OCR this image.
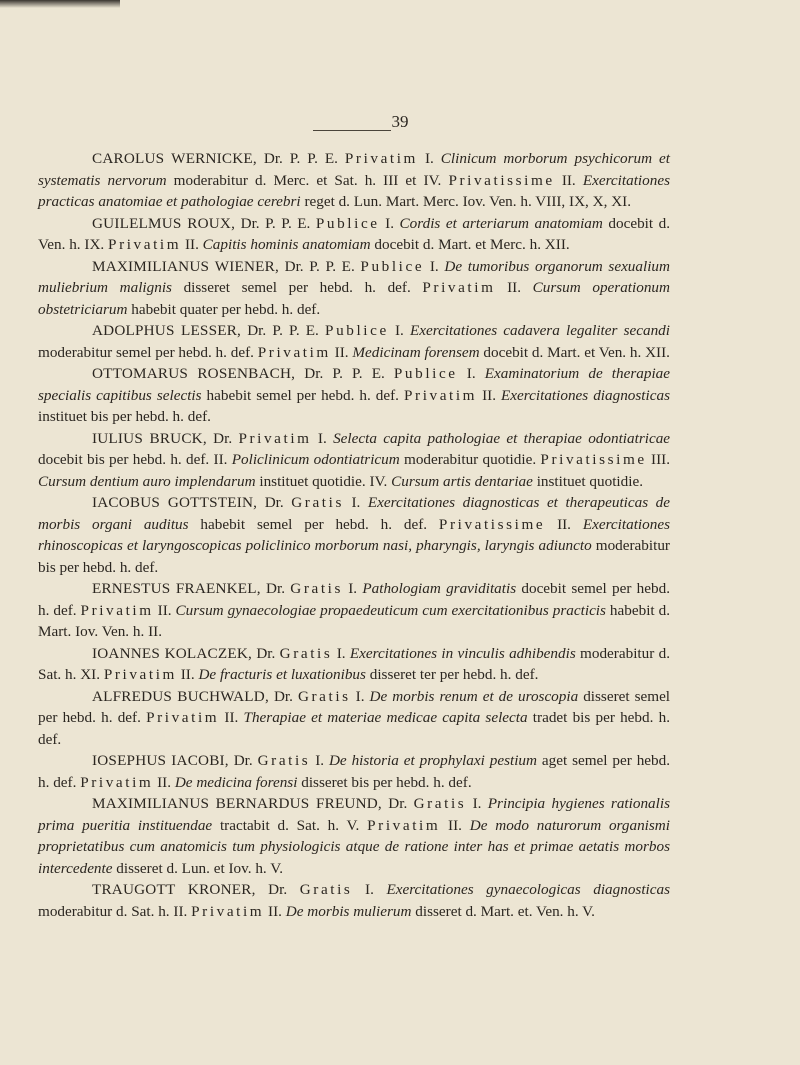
39

CAROLUS WERNICKE, Dr. P. P. E. Privatim I. Clinicum morborum psychicorum et systematis nervorum moderabitur d. Merc. et Sat. h. III et IV. Privatissime II. Exercitationes practicas anatomiae et pathologiae cerebri reget d. Lun. Mart. Merc. Iov. Ven. h. VIII, IX, X, XI.

GUILELMUS ROUX, Dr. P. P. E. Publice I. Cordis et arteriarum anatomiam docebit d. Ven. h. IX. Privatim II. Capitis hominis anatomiam docebit d. Mart. et Merc. h. XII.

MAXIMILIANUS WIENER, Dr. P. P. E. Publice I. De tumoribus organorum sexualium muliebrium malignis disseret semel per hebd. h. def. Privatim II. Cursum operationum obstetriciarum habebit quater per hebd. h. def.

ADOLPHUS LESSER, Dr. P. P. E. Publice I. Exercitationes cadavera legaliter secandi moderabitur semel per hebd. h. def. Privatim II. Medicinam forensem docebit d. Mart. et Ven. h. XII.

OTTOMARUS ROSENBACH, Dr. P. P. E. Publice I. Examinatorium de therapiae specialis capitibus selectis habebit semel per hebd. h. def. Privatim II. Exercitationes diagnosticas instituet bis per hebd. h. def.

IULIUS BRUCK, Dr. Privatim I. Selecta capita pathologiae et therapiae odontiatricae docebit bis per hebd. h. def. II. Policlinicum odontiatricum moderabitur quotidie. Privatissime III. Cursum dentium auro implendarum instituet quotidie. IV. Cursum artis dentariae instituet quotidie.

IACOBUS GOTTSTEIN, Dr. Gratis I. Exercitationes diagnosticas et therapeuticas de morbis organi auditus habebit semel per hebd. h. def. Privatissime II. Exercitationes rhinoscopicas et laryngoscopicas policlinico morborum nasi, pharyngis, laryngis adiuncto moderabitur bis per hebd. h. def.

ERNESTUS FRAENKEL, Dr. Gratis I. Pathologiam graviditatis docebit semel per hebd. h. def. Privatim II. Cursum gynaecologiae propaedeuticum cum exercitationibus practicis habebit d. Mart. Iov. Ven. h. II.

IOANNES KOLACZEK, Dr. Gratis I. Exercitationes in vinculis adhibendis moderabitur d. Sat. h. XI. Privatim II. De fracturis et luxationibus disseret ter per hebd. h. def.

ALFREDUS BUCHWALD, Dr. Gratis I. De morbis renum et de uroscopia disseret semel per hebd. h. def. Privatim II. Therapiae et materiae medicae capita selecta tradet bis per hebd. h. def.

IOSEPHUS IACOBI, Dr. Gratis I. De historia et prophylaxi pestium aget semel per hebd. h. def. Privatim II. De medicina forensi disseret bis per hebd. h. def.

MAXIMILIANUS BERNARDUS FREUND, Dr. Gratis I. Principia hygienes rationalis prima pueritia instituendae tractabit d. Sat. h. V. Privatim II. De modo naturorum organismi proprietatibus cum anatomicis tum physiologicis atque de ratione inter has et primae aetatis morbos intercedente disseret d. Lun. et Iov. h. V.

TRAUGOTT KRONER, Dr. Gratis I. Exercitationes gynaecologicas diagnosticas moderabitur d. Sat. h. II. Privatim II. De morbis mulierum disseret d. Mart. et. Ven. h. V.
